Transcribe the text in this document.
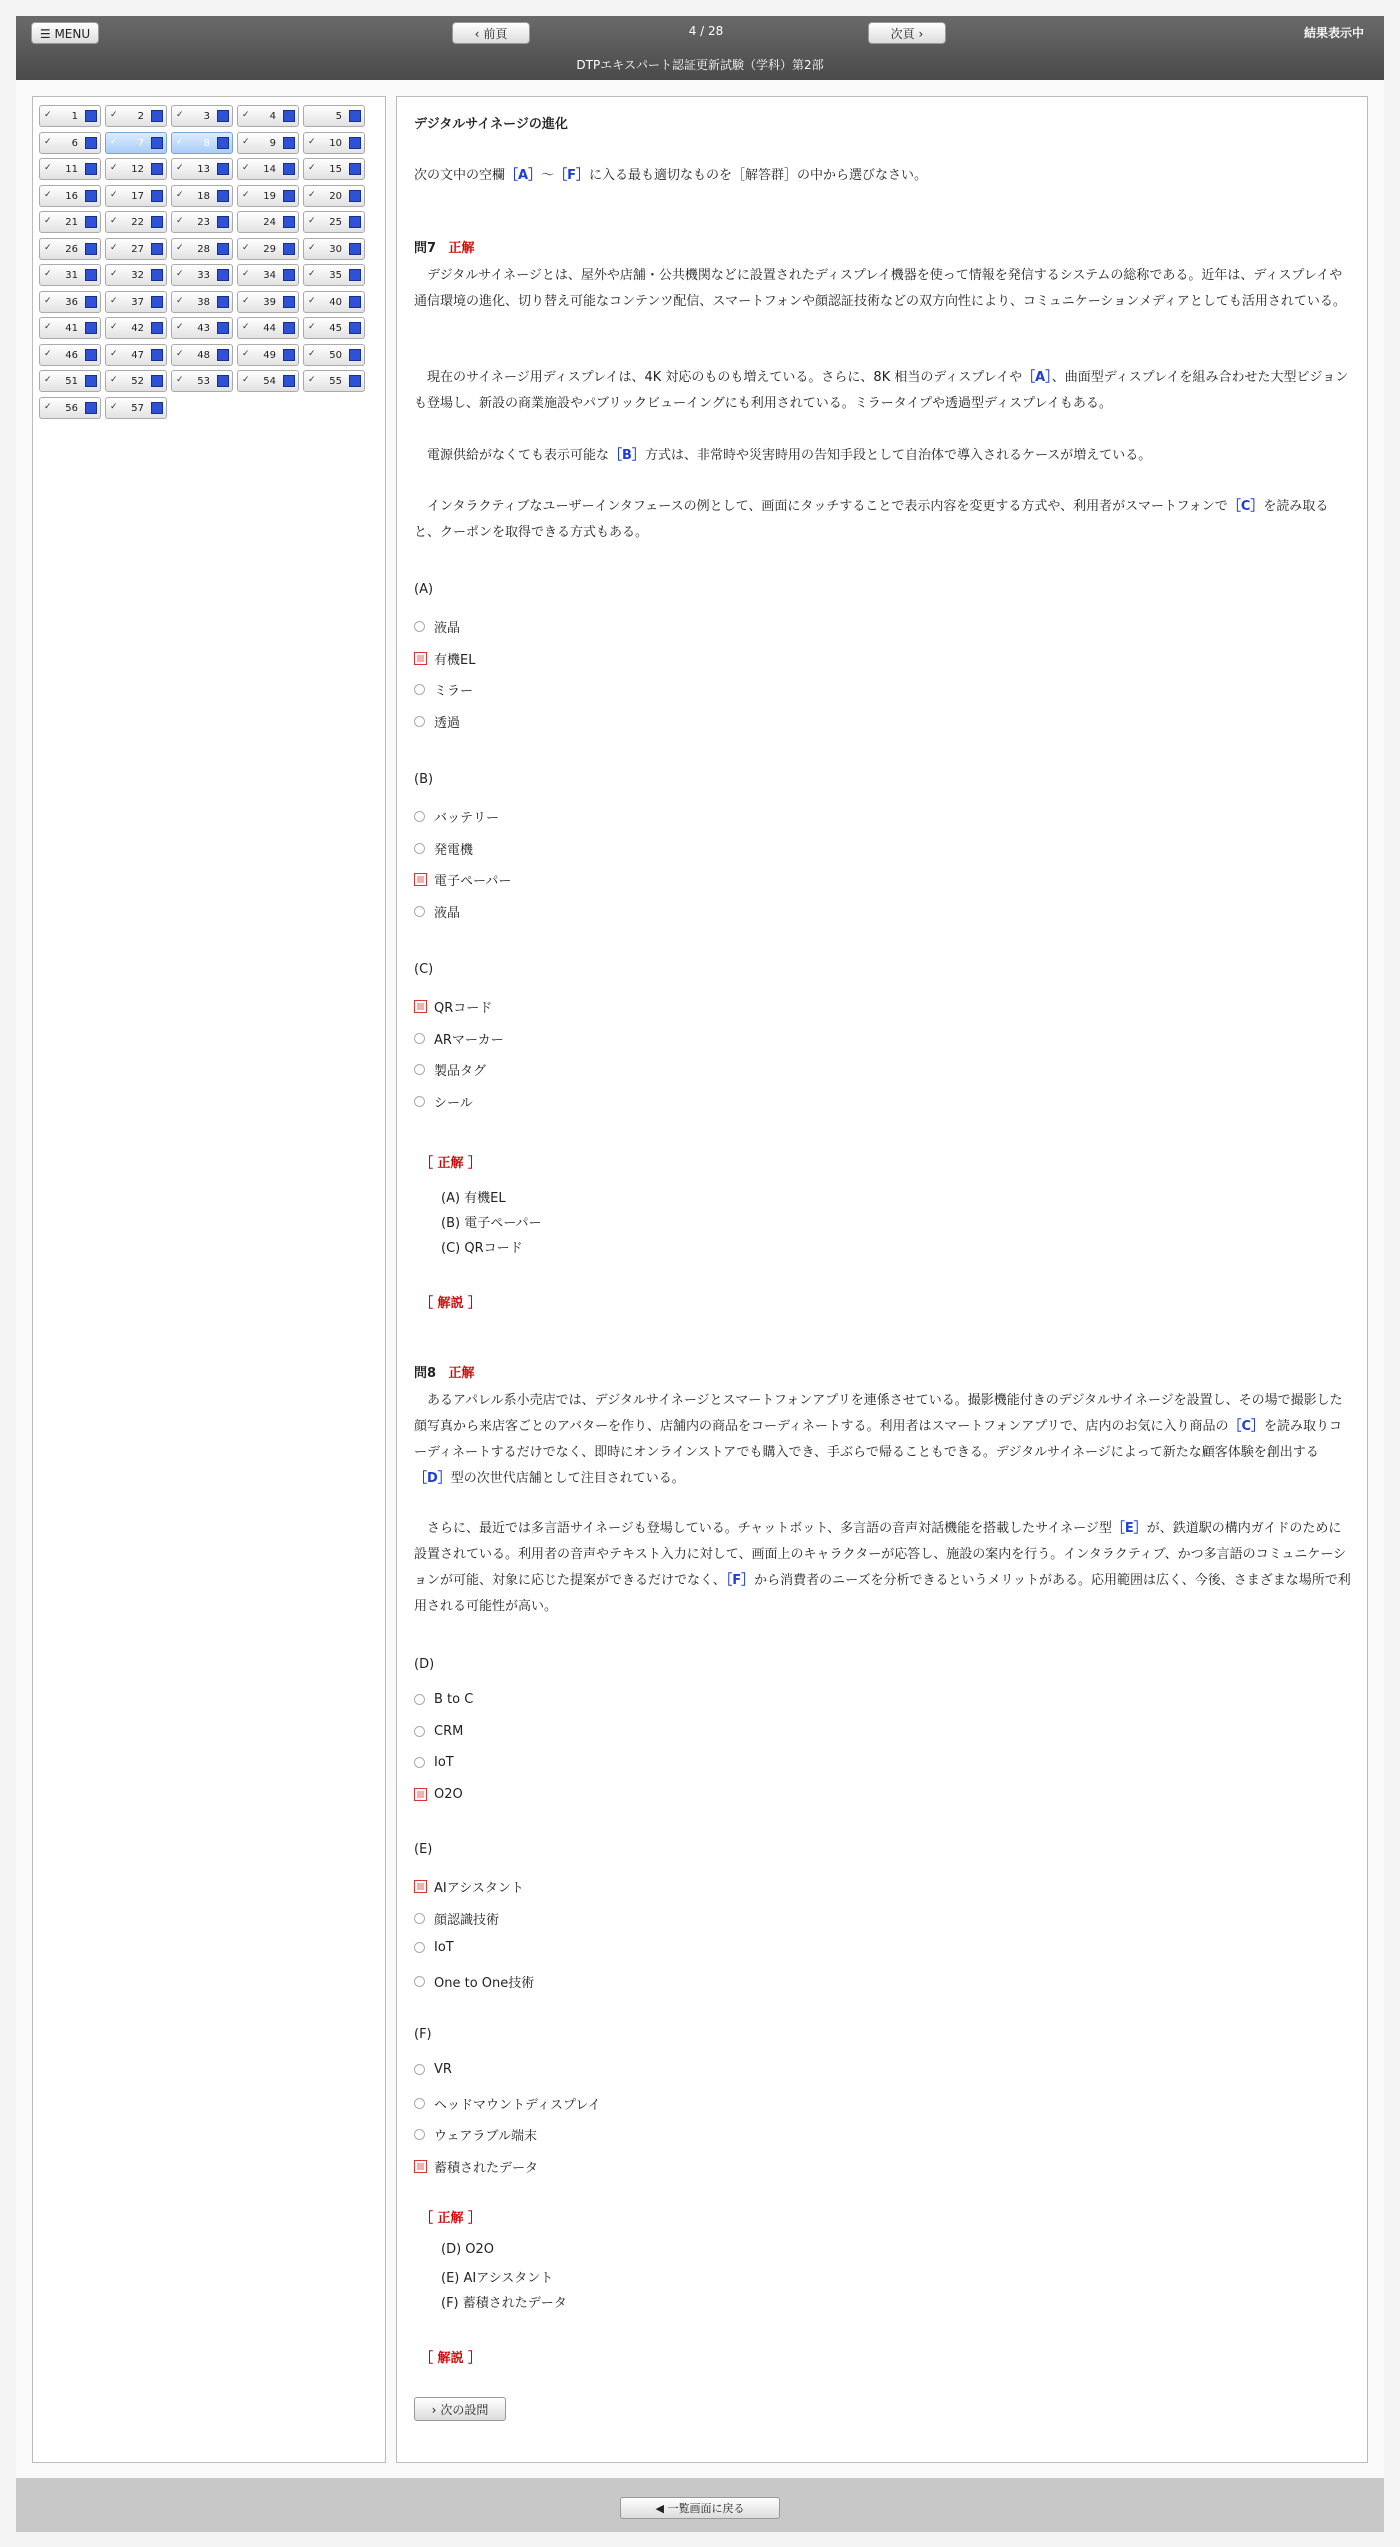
☰ MENU	‹ 前頁	4 / 28	次頁 ›	結果表示中
DTPエキスパート認証更新試験（学科）第2部
✓ 1	✓ 2	✓ 3	✓ 4	5
✓ 6	✓ 7	✓ 8	✓ 9	✓ 10
✓ 11	✓ 12	✓ 13	✓ 14	✓ 15
✓ 16	✓ 17	✓ 18	✓ 19	✓ 20
✓ 21	✓ 22	✓ 23	24	✓ 25
✓ 26	✓ 27	✓ 28	✓ 29	✓ 30
✓ 31	✓ 32	✓ 33	✓ 34	✓ 35
✓ 36	✓ 37	✓ 38	✓ 39	✓ 40
✓ 41	✓ 42	✓ 43	✓ 44	✓ 45
✓ 46	✓ 47	✓ 48	✓ 49	✓ 50
✓ 51	✓ 52	✓ 53	✓ 54	✓ 55
✓ 56	✓ 57
デジタルサイネージの進化
次の文中の空欄［A］〜［F］に入る最も適切なものを［解答群］の中から選びなさい。
問7 正解
デジタルサイネージとは、屋外や店舗・公共機関などに設置されたディスプレイ機器を使って情報を発信するシステムの総称である。近年は、ディスプレイや通信環境の進化、切り替え可能なコンテンツ配信、スマートフォンや顔認証技術などの双方向性により、コミュニケーションメディアとしても活用されている。
現在のサイネージ用ディスプレイは、4K 対応のものも増えている。さらに、8K 相当のディスプレイや［A］、曲面型ディスプレイを組み合わせた大型ビジョンも登場し、新設の商業施設やパブリックビューイングにも利用されている。ミラータイプや透過型ディスプレイもある。
電源供給がなくても表示可能な［B］方式は、非常時や災害時用の告知手段として自治体で導入されるケースが増えている。
インタラクティブなユーザーインタフェースの例として、画面にタッチすることで表示内容を変更する方式や、利用者がスマートフォンで［C］を読み取ると、クーポンを取得できる方式もある。
(A)
液晶
有機EL
ミラー
透過
(B)
バッテリー
発電機
電子ペーパー
液晶
(C)
QRコード
ARマーカー
製品タグ
シール
［ 正解 ］
(A) 有機EL
(B) 電子ペーパー
(C) QRコード
［ 解説 ］
問8 正解
あるアパレル系小売店では、デジタルサイネージとスマートフォンアプリを連係させている。撮影機能付きのデジタルサイネージを設置し、その場で撮影した顔写真から来店客ごとのアバターを作り、店舗内の商品をコーディネートする。利用者はスマートフォンアプリで、店内のお気に入り商品の［C］を読み取りコーディネートするだけでなく、即時にオンラインストアでも購入でき、手ぶらで帰ることもできる。デジタルサイネージによって新たな顧客体験を創出する［D］型の次世代店舗として注目されている。
さらに、最近では多言語サイネージも登場している。チャットボット、多言語の音声対話機能を搭載したサイネージ型［E］が、鉄道駅の構内ガイドのために設置されている。利用者の音声やテキスト入力に対して、画面上のキャラクターが応答し、施設の案内を行う。インタラクティブ、かつ多言語のコミュニケーションが可能、対象に応じた提案ができるだけでなく、［F］から消費者のニーズを分析できるというメリットがある。応用範囲は広く、今後、さまざまな場所で利用される可能性が高い。
(D)
B to C
CRM
IoT
O2O
(E)
AIアシスタント
顔認識技術
IoT
One to One技術
(F)
VR
ヘッドマウントディスプレイ
ウェアラブル端末
蓄積されたデータ
［ 正解 ］
(D) O2O
(E) AIアシスタント
(F) 蓄積されたデータ
［ 解説 ］
› 次の設問
◀ 一覧画面に戻る
